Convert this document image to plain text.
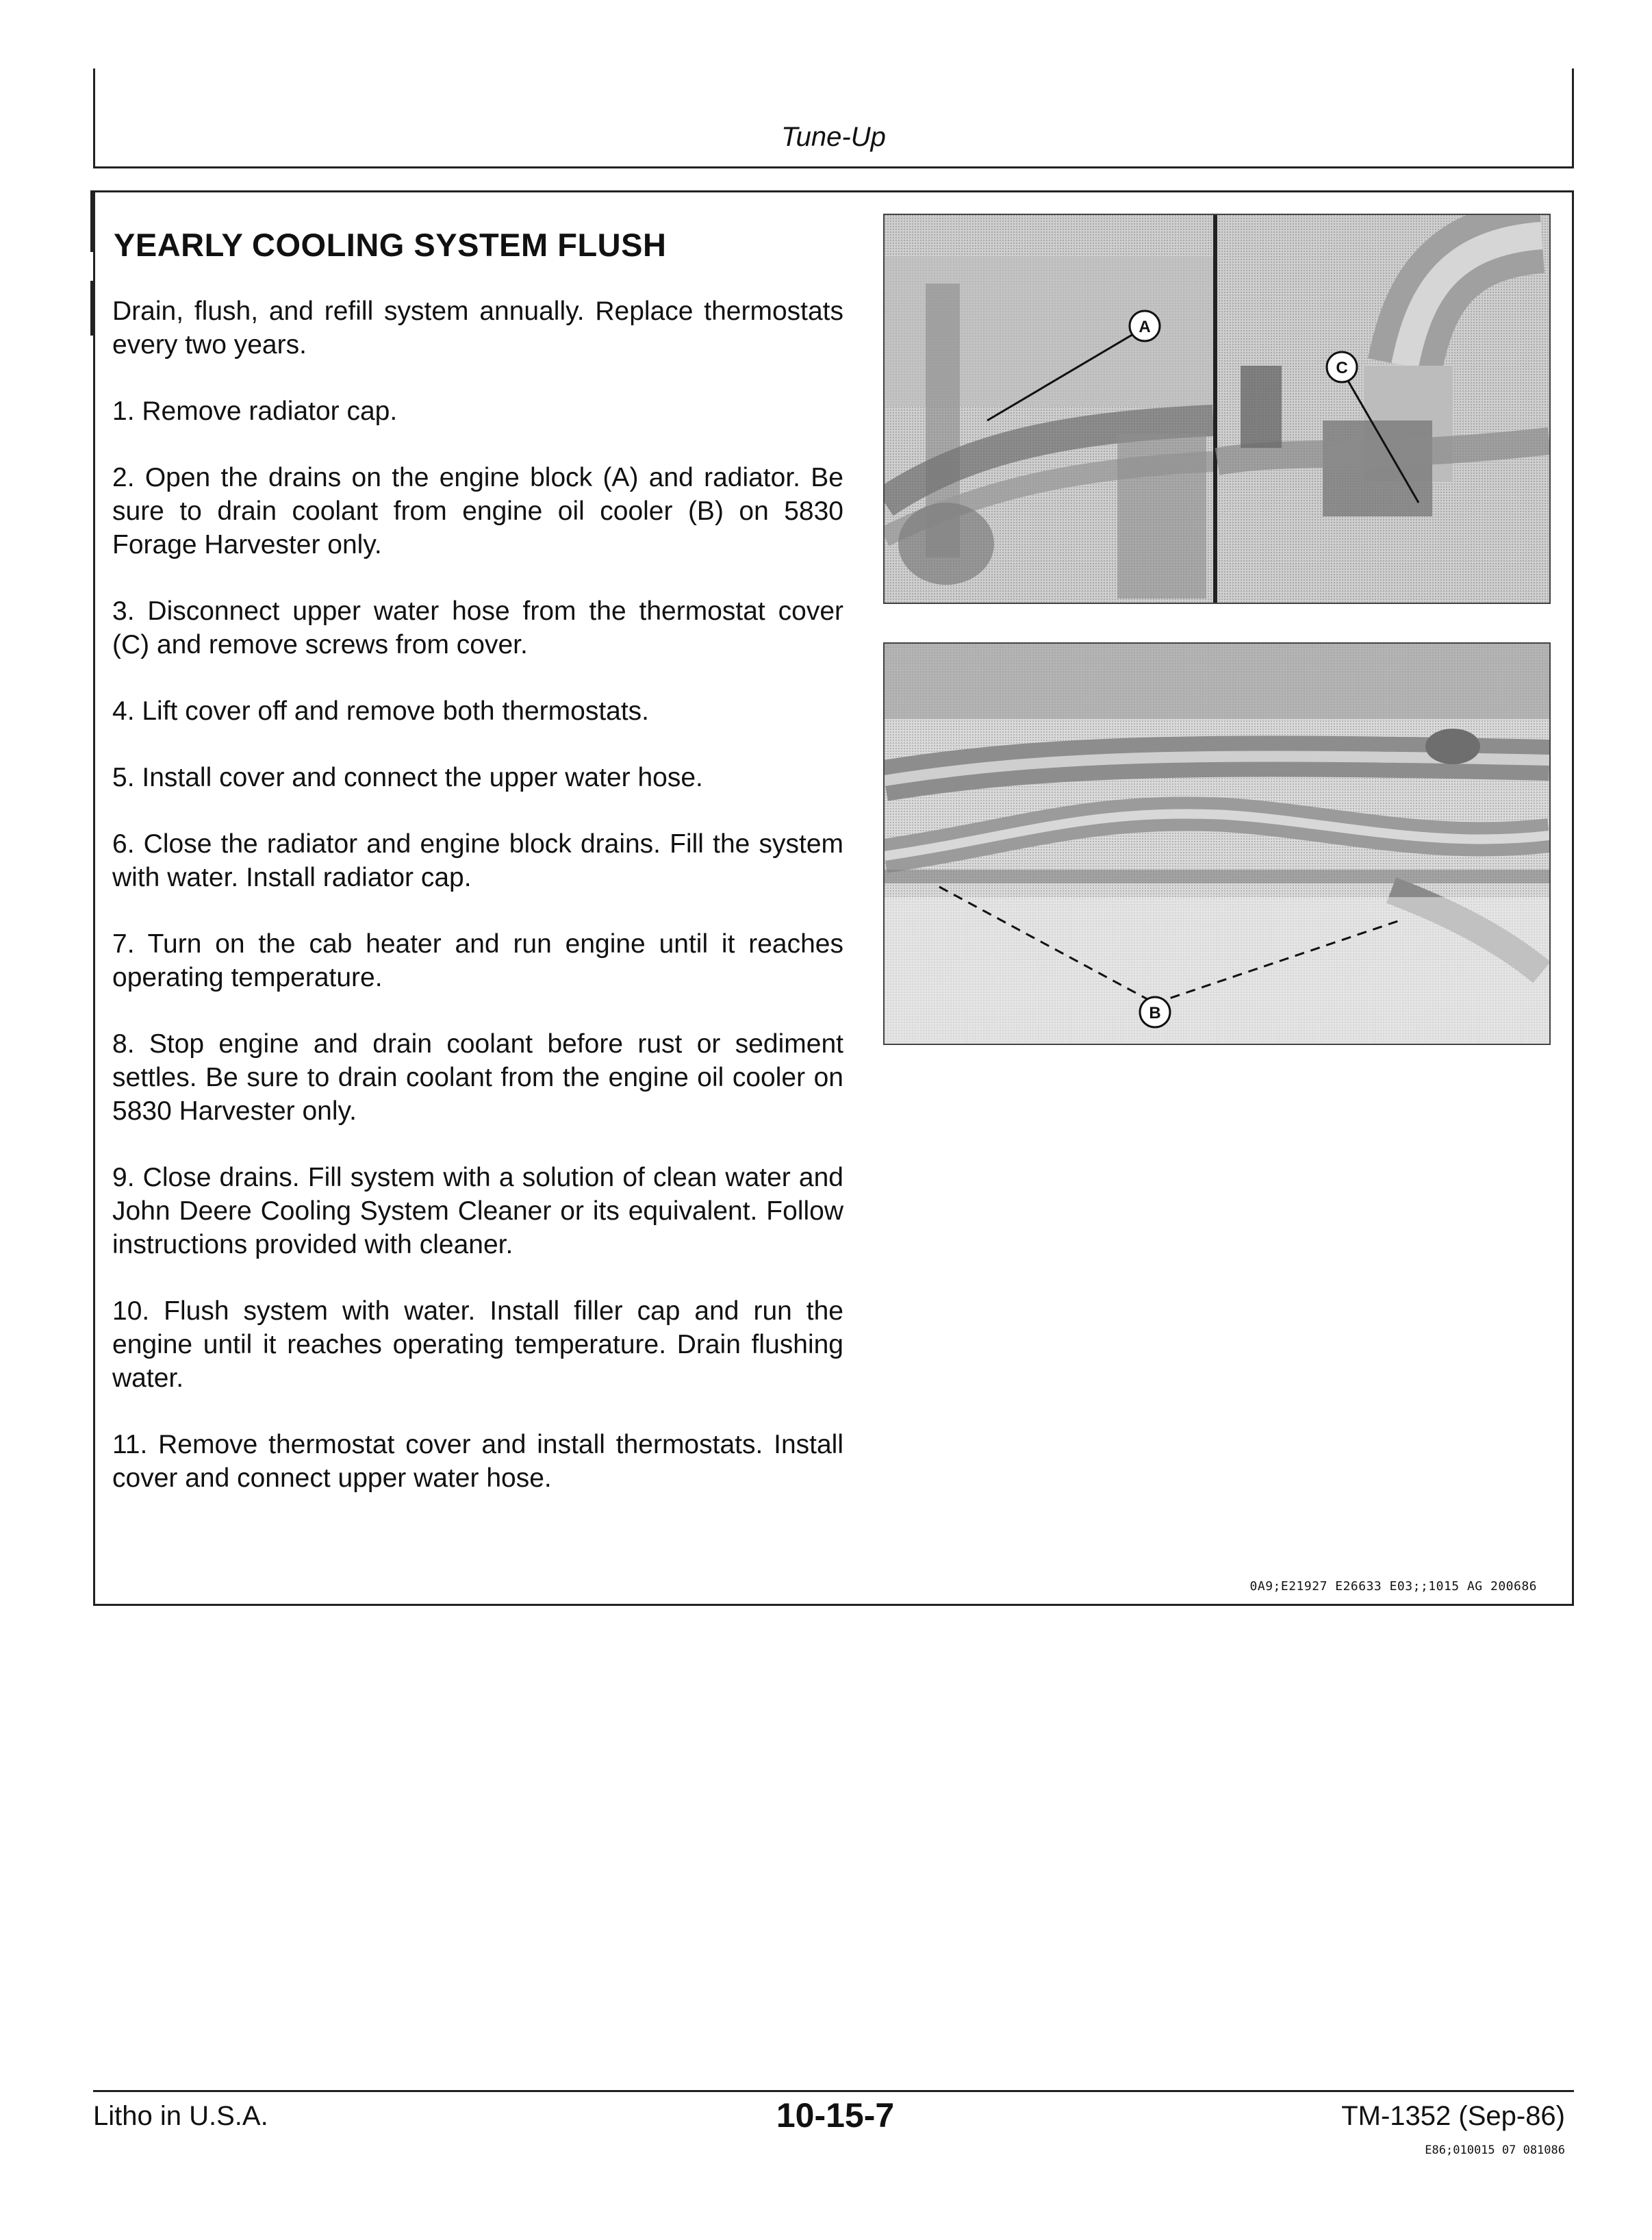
Tune-Up
YEARLY COOLING SYSTEM FLUSH

Drain, flush, and refill system annually. Replace thermostats every two years.

1. Remove radiator cap.

2. Open the drains on the engine block (A) and radiator. Be sure to drain coolant from engine oil cooler (B) on 5830 Forage Harvester only.

3. Disconnect upper water hose from the thermostat cover (C) and remove screws from cover.

4. Lift cover off and remove both thermostats.

5. Install cover and connect the upper water hose.

6. Close the radiator and engine block drains. Fill the system with water. Install radiator cap.

7. Turn on the cab heater and run engine until it reaches operating temperature.

8. Stop engine and drain coolant before rust or sediment settles. Be sure to drain coolant from the engine oil cooler on 5830 Harvester only.

9. Close drains. Fill system with a solution of clean water and John Deere Cooling System Cleaner or its equivalent. Follow instructions provided with cleaner.

10. Flush system with water. Install filler cap and run the engine until it reaches operating temperature. Drain flushing water.

11. Remove thermostat cover and install thermostats. Install cover and connect upper water hose.

A
C
B
0A9;E21927 E26633 E03;;1015 AG 200686
Litho in U.S.A.	10-15-7	TM-1352 (Sep-86)
E86;010015 07 081086
